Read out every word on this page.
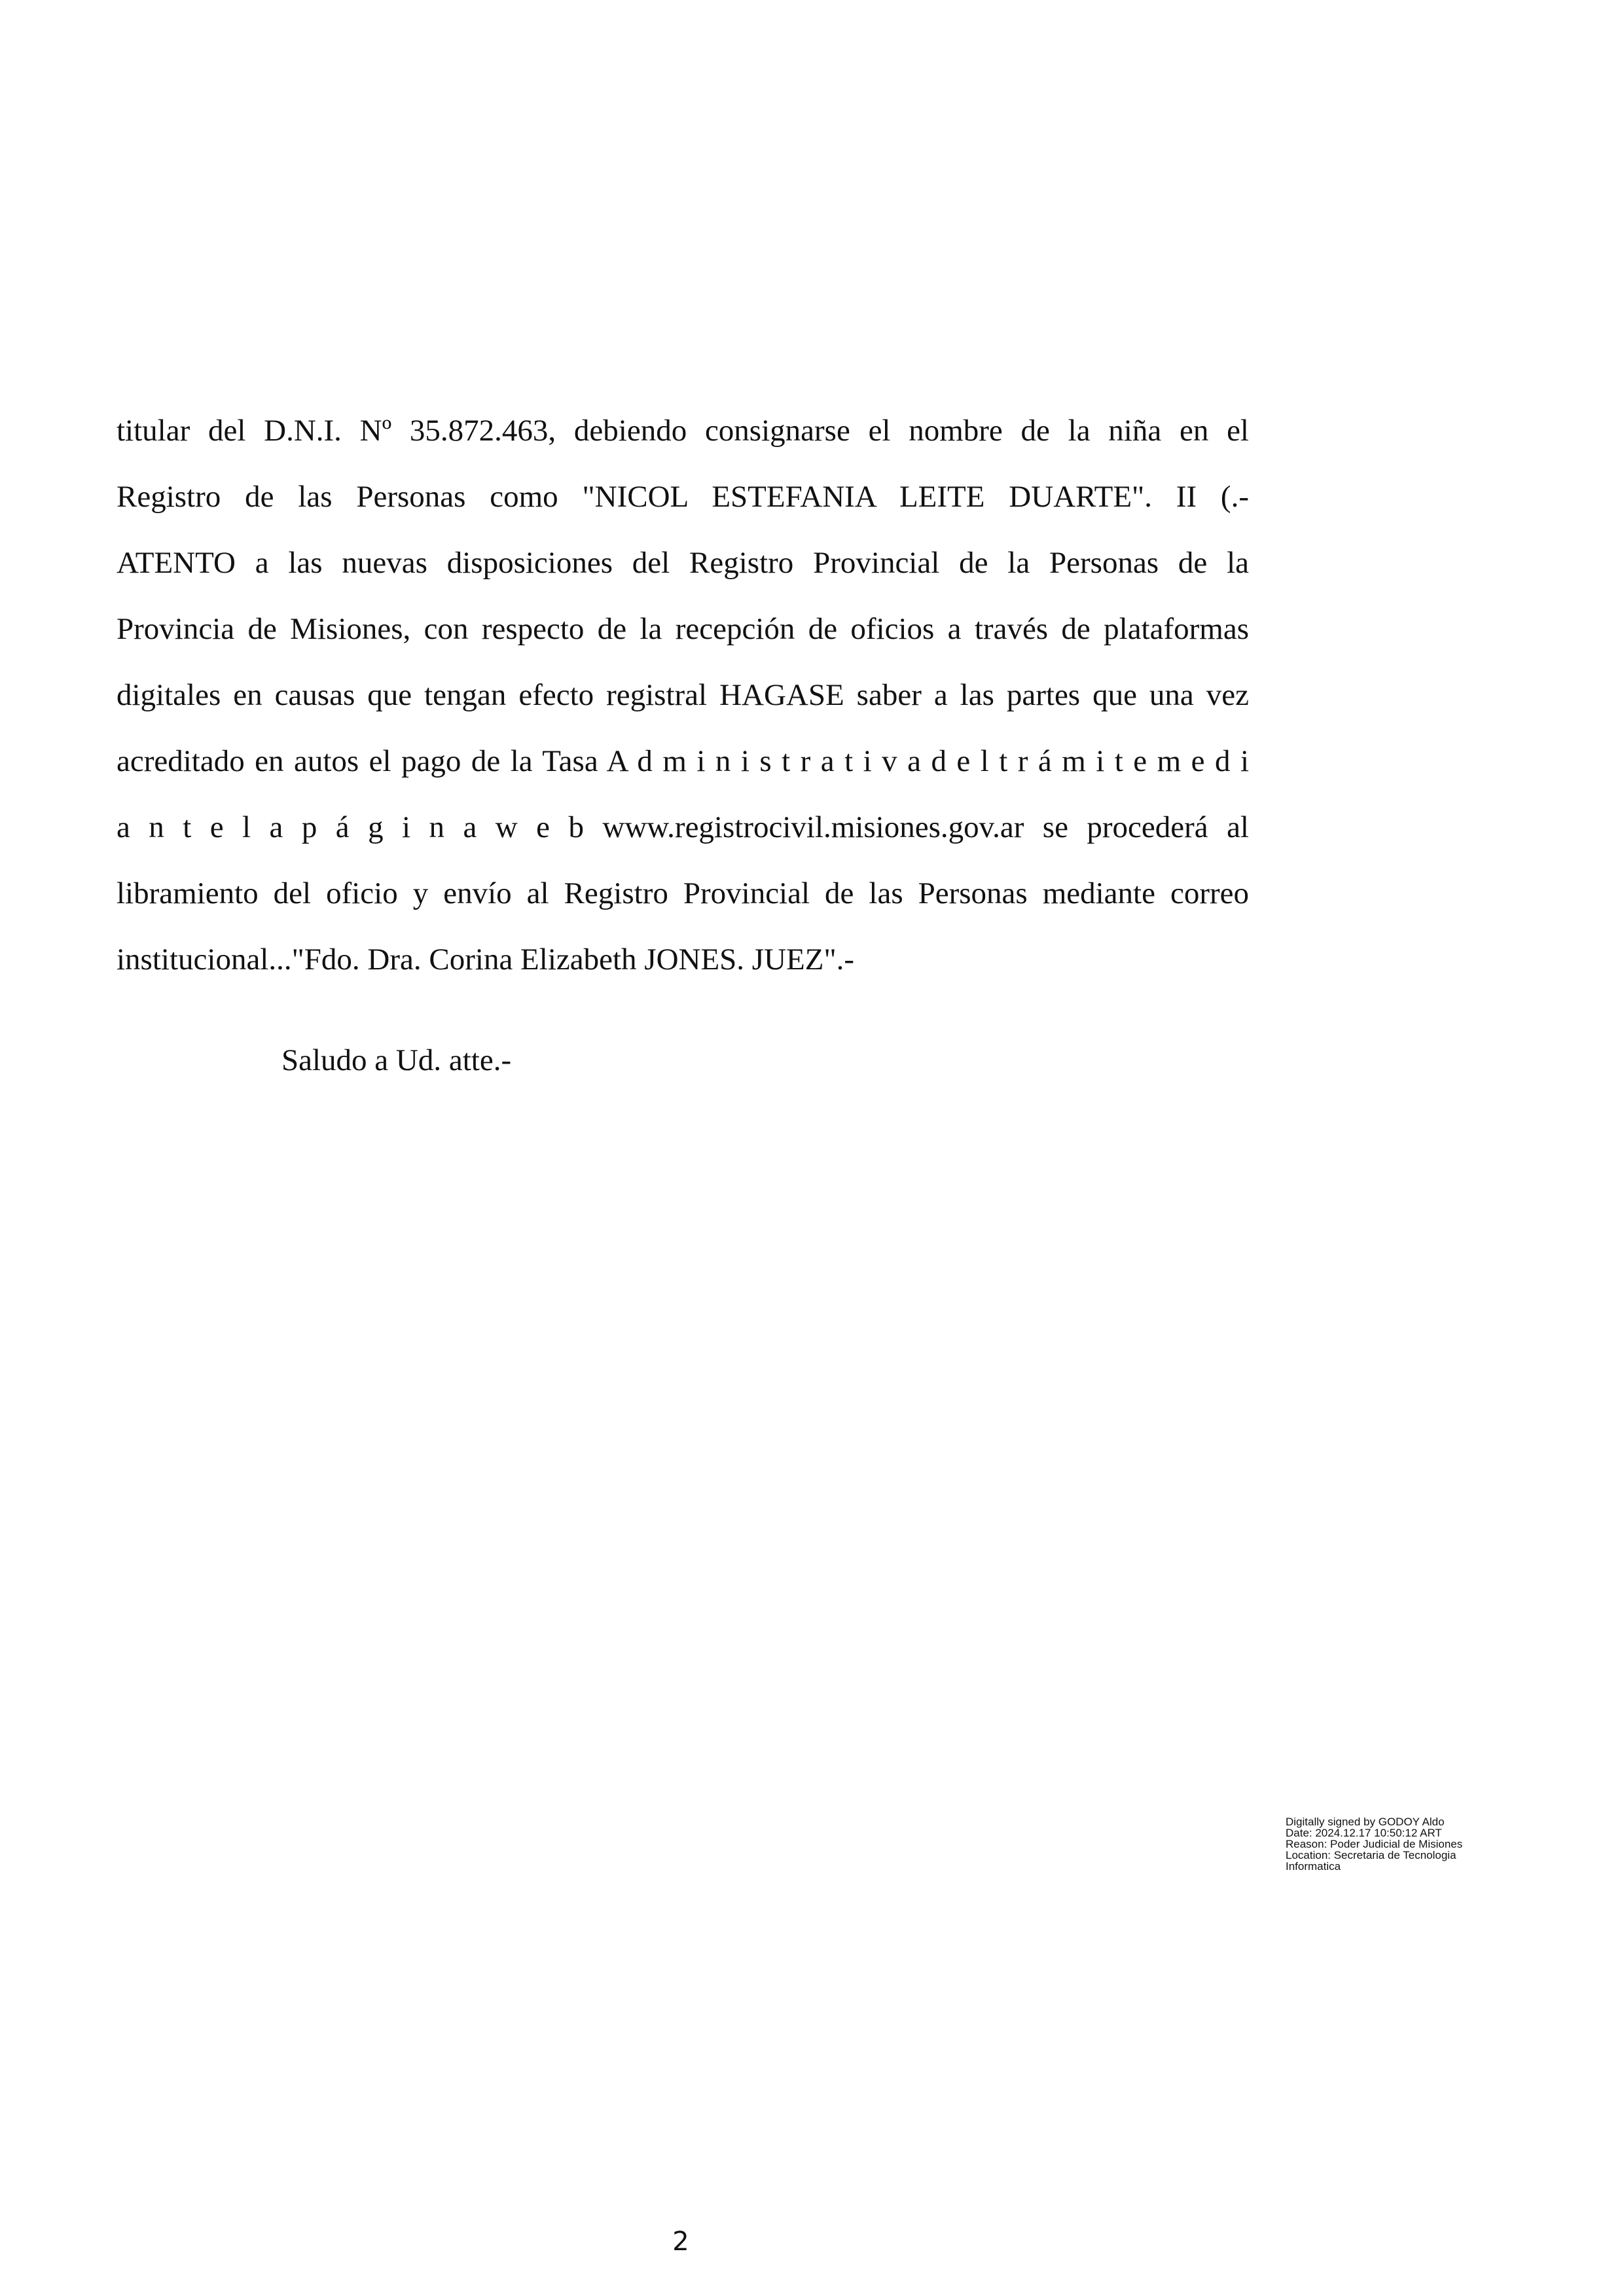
titular del D.N.I. Nº 35.872.463, debiendo consignarse el nombre de la niña en el
Registro de las Personas como "NICOL ESTEFANIA LEITE DUARTE". II (.-
ATENTO a las nuevas disposiciones del Registro Provincial de la Personas de la
Provincia de Misiones, con respecto de la recepción de oficios a través de plataformas
digitales en causas que tengan efecto registral HAGASE saber a las partes que una vez
acreditado en autos el pago de la Tasa A d m i n i s t r a t i v a d e l t r á m i t e m e d i
a n t e l a p á g i n a w e b www.registrocivil.misiones.gov.ar se procederá al
libramiento del oficio y envío al Registro Provincial de las Personas mediante correo
institucional..."Fdo. Dra. Corina Elizabeth JONES. JUEZ".-

Saludo a Ud. atte.-

Digitally signed by GODOY Aldo
Date: 2024.12.17 10:50:12 ART
Reason: Poder Judicial de Misiones
Location: Secretaria de Tecnologia
Informatica
2
